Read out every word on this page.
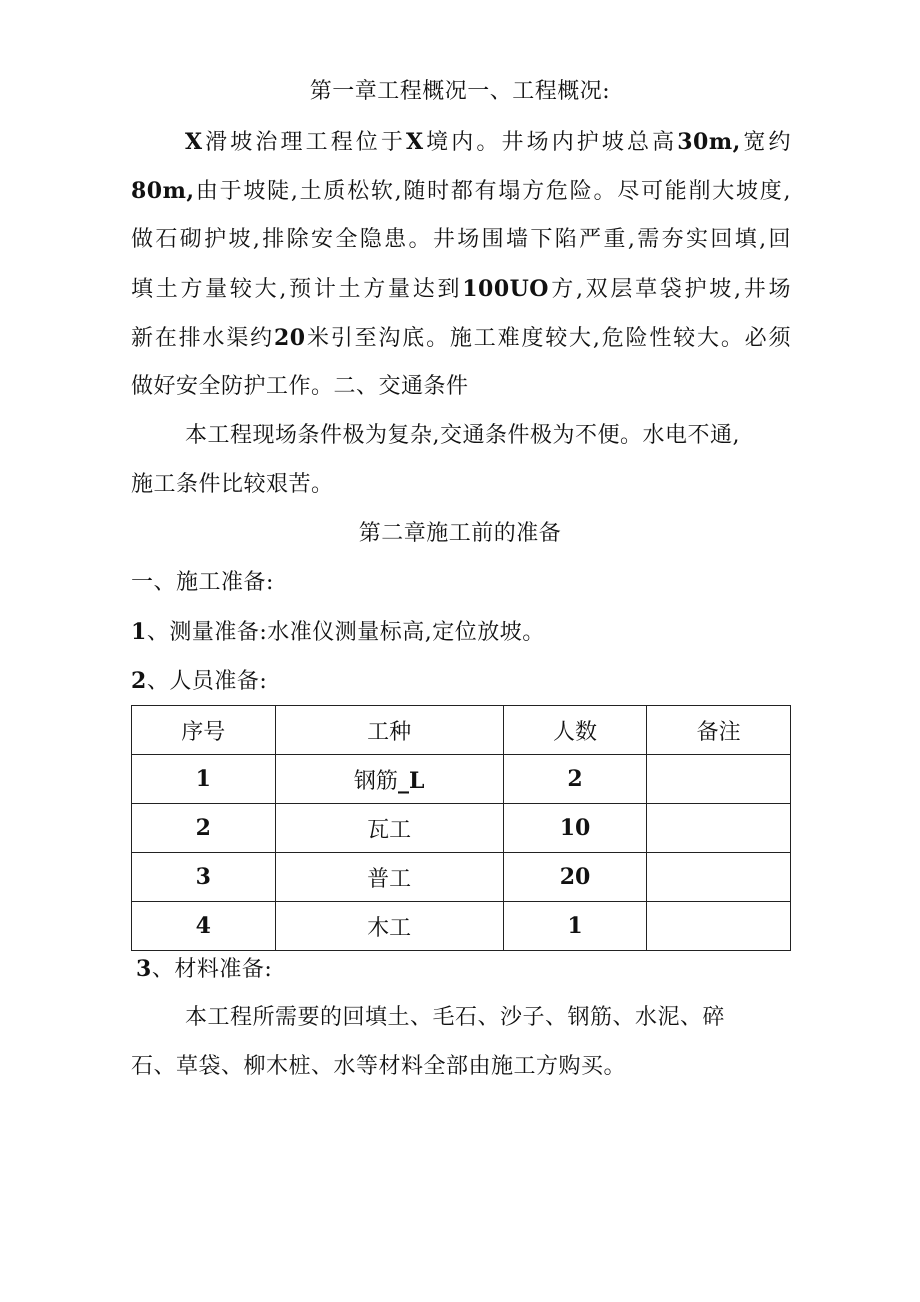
第一章工程概况一、工程概况:
X滑坡治理工程位于X境内。井场内护坡总高30m,宽约
80m,由于坡陡,土质松软,随时都有塌方危险。尽可能削大坡度,
做石砌护坡,排除安全隐患。井场围墙下陷严重,需夯实回填,回
填土方量较大,预计土方量达到100UO方,双层草袋护坡,井场
新在排水渠约20米引至沟底。施工难度较大,危险性较大。必须
做好安全防护工作。二、交通条件
本工程现场条件极为复杂,交通条件极为不便。水电不通,
施工条件比较艰苦。
第二章施工前的准备
一、施工准备:
1、测量准备:水准仪测量标高,定位放坡。
2、人员准备:
序号	工种	人数	备注
1	钢筋_L	2	
2	瓦工	10	
3	普工	20	
4	木工	1	
3、材料准备:
本工程所需要的回填土、毛石、沙子、钢筋、水泥、碎
石、草袋、柳木桩、水等材料全部由施工方购买。
